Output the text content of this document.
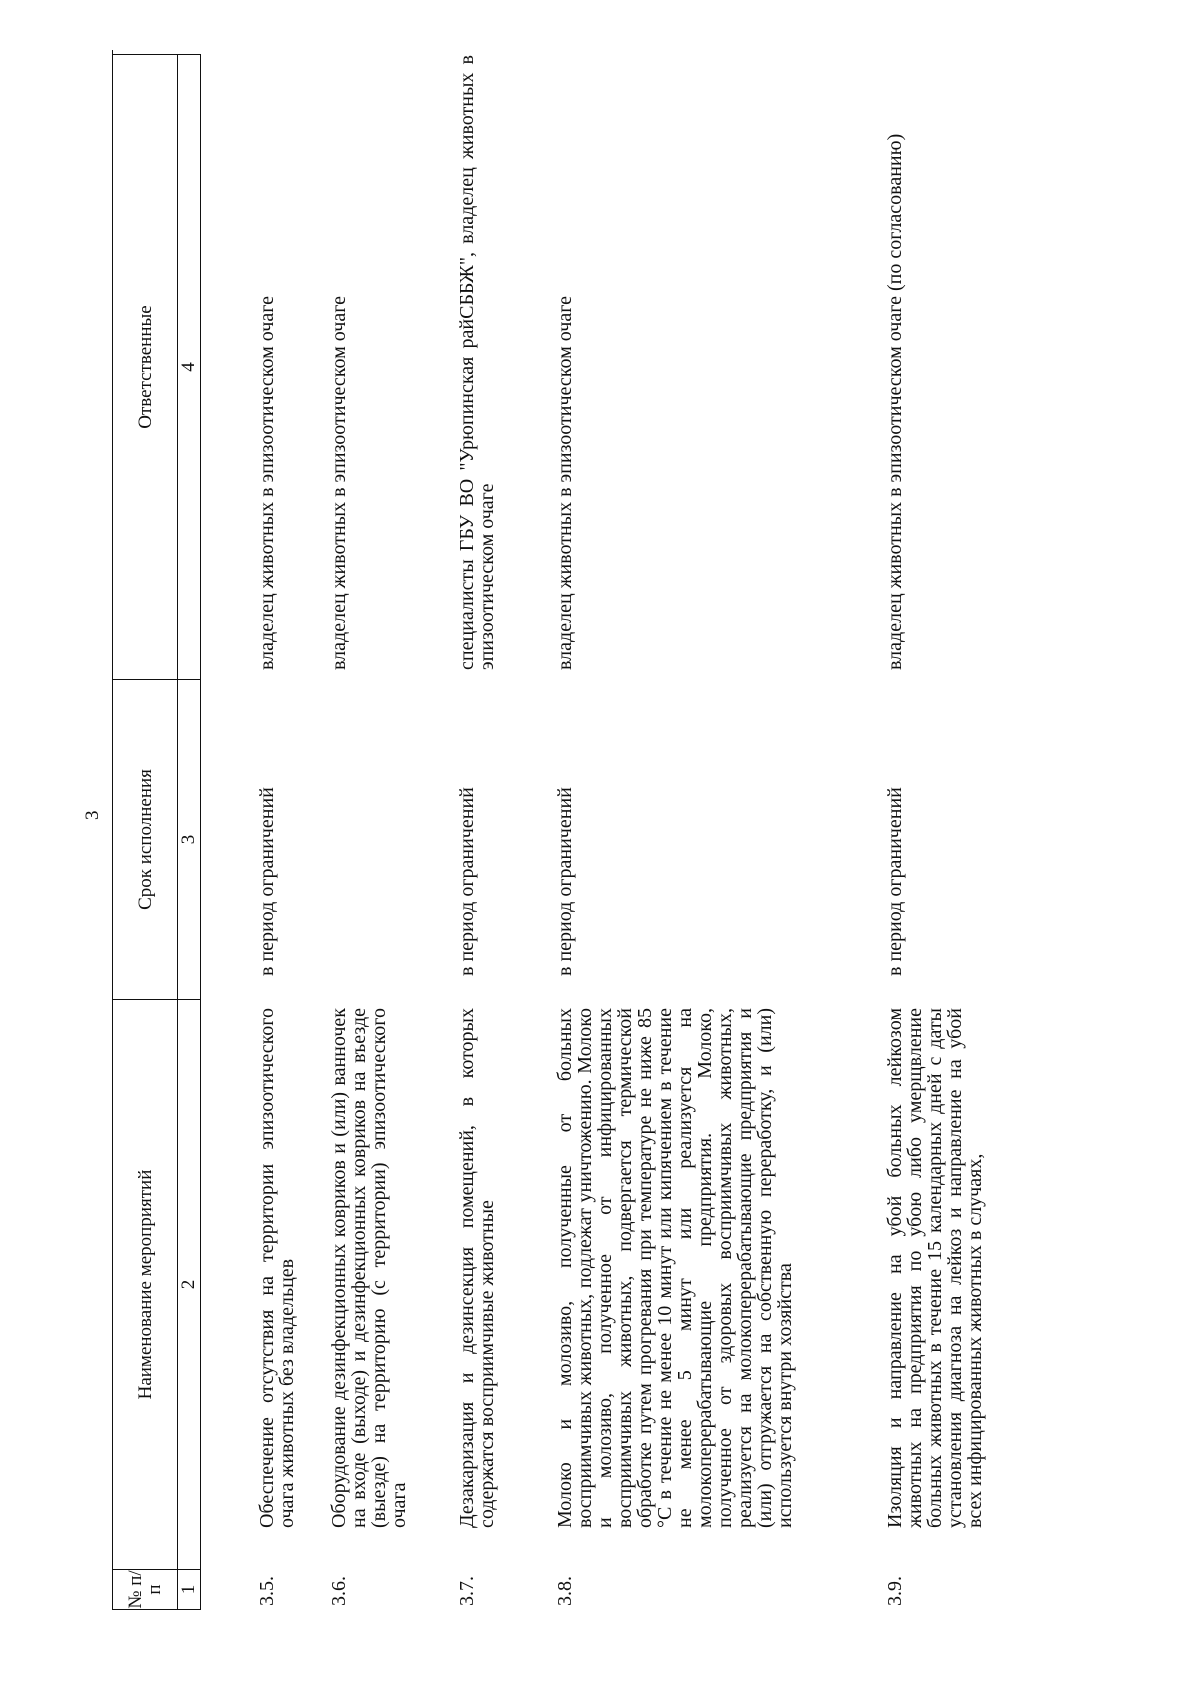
3
№ п/п
Наименование мероприятий
Срок исполнения
Ответственные
1
2
3
4
3.5.
Обеспечение отсутствия на территории эпизоотического очага животных без владельцев
в период ограничений
владелец животных в эпизоотическом очаге
3.6.
Оборудование дезинфекционных ковриков и (или) ванночек на входе (выходе) и дезинфекционных ковриков на въезде (выезде) на территорию (с территории) эпизоотического очага
владелец животных в эпизоотическом очаге
3.7.
Дезакаризация и дезинсекция помещений, в которых содержатся восприимчивые животные
в период ограничений
специалисты ГБУ ВО "Урюпинская райСББЖ", владелец животных в эпизоотическом очаге
3.8.
Молоко и молозиво, полученные от больных восприимчивых животных, подлежат уничтожению. Молоко и молозиво, полученное от инфицированных восприимчивых животных, подвергается термической обработке путем прогревания при температуре не ниже 85 °С в течение не менее 10 минут или кипячением в течение не менее 5 минут или реализуется на молокоперерабатывающие предприятия. Молоко, полученное от здоровых восприимчивых животных, реализуется на молокоперерабатывающие предприятия и (или) отгружается на собственную переработку, и (или) используется внутри хозяйства
в период ограничений
владелец животных в эпизоотическом очаге
3.9.
Изоляция и направление на убой больных лейкозом животных на предприятия по убою либо умерщвление больных животных в течение 15 календарных дней с даты установления диагноза на лейкоз и направление на убой всех инфицированных животных в случаях,
в период ограничений
владелец животных в эпизоотическом очаге (по согласованию)
